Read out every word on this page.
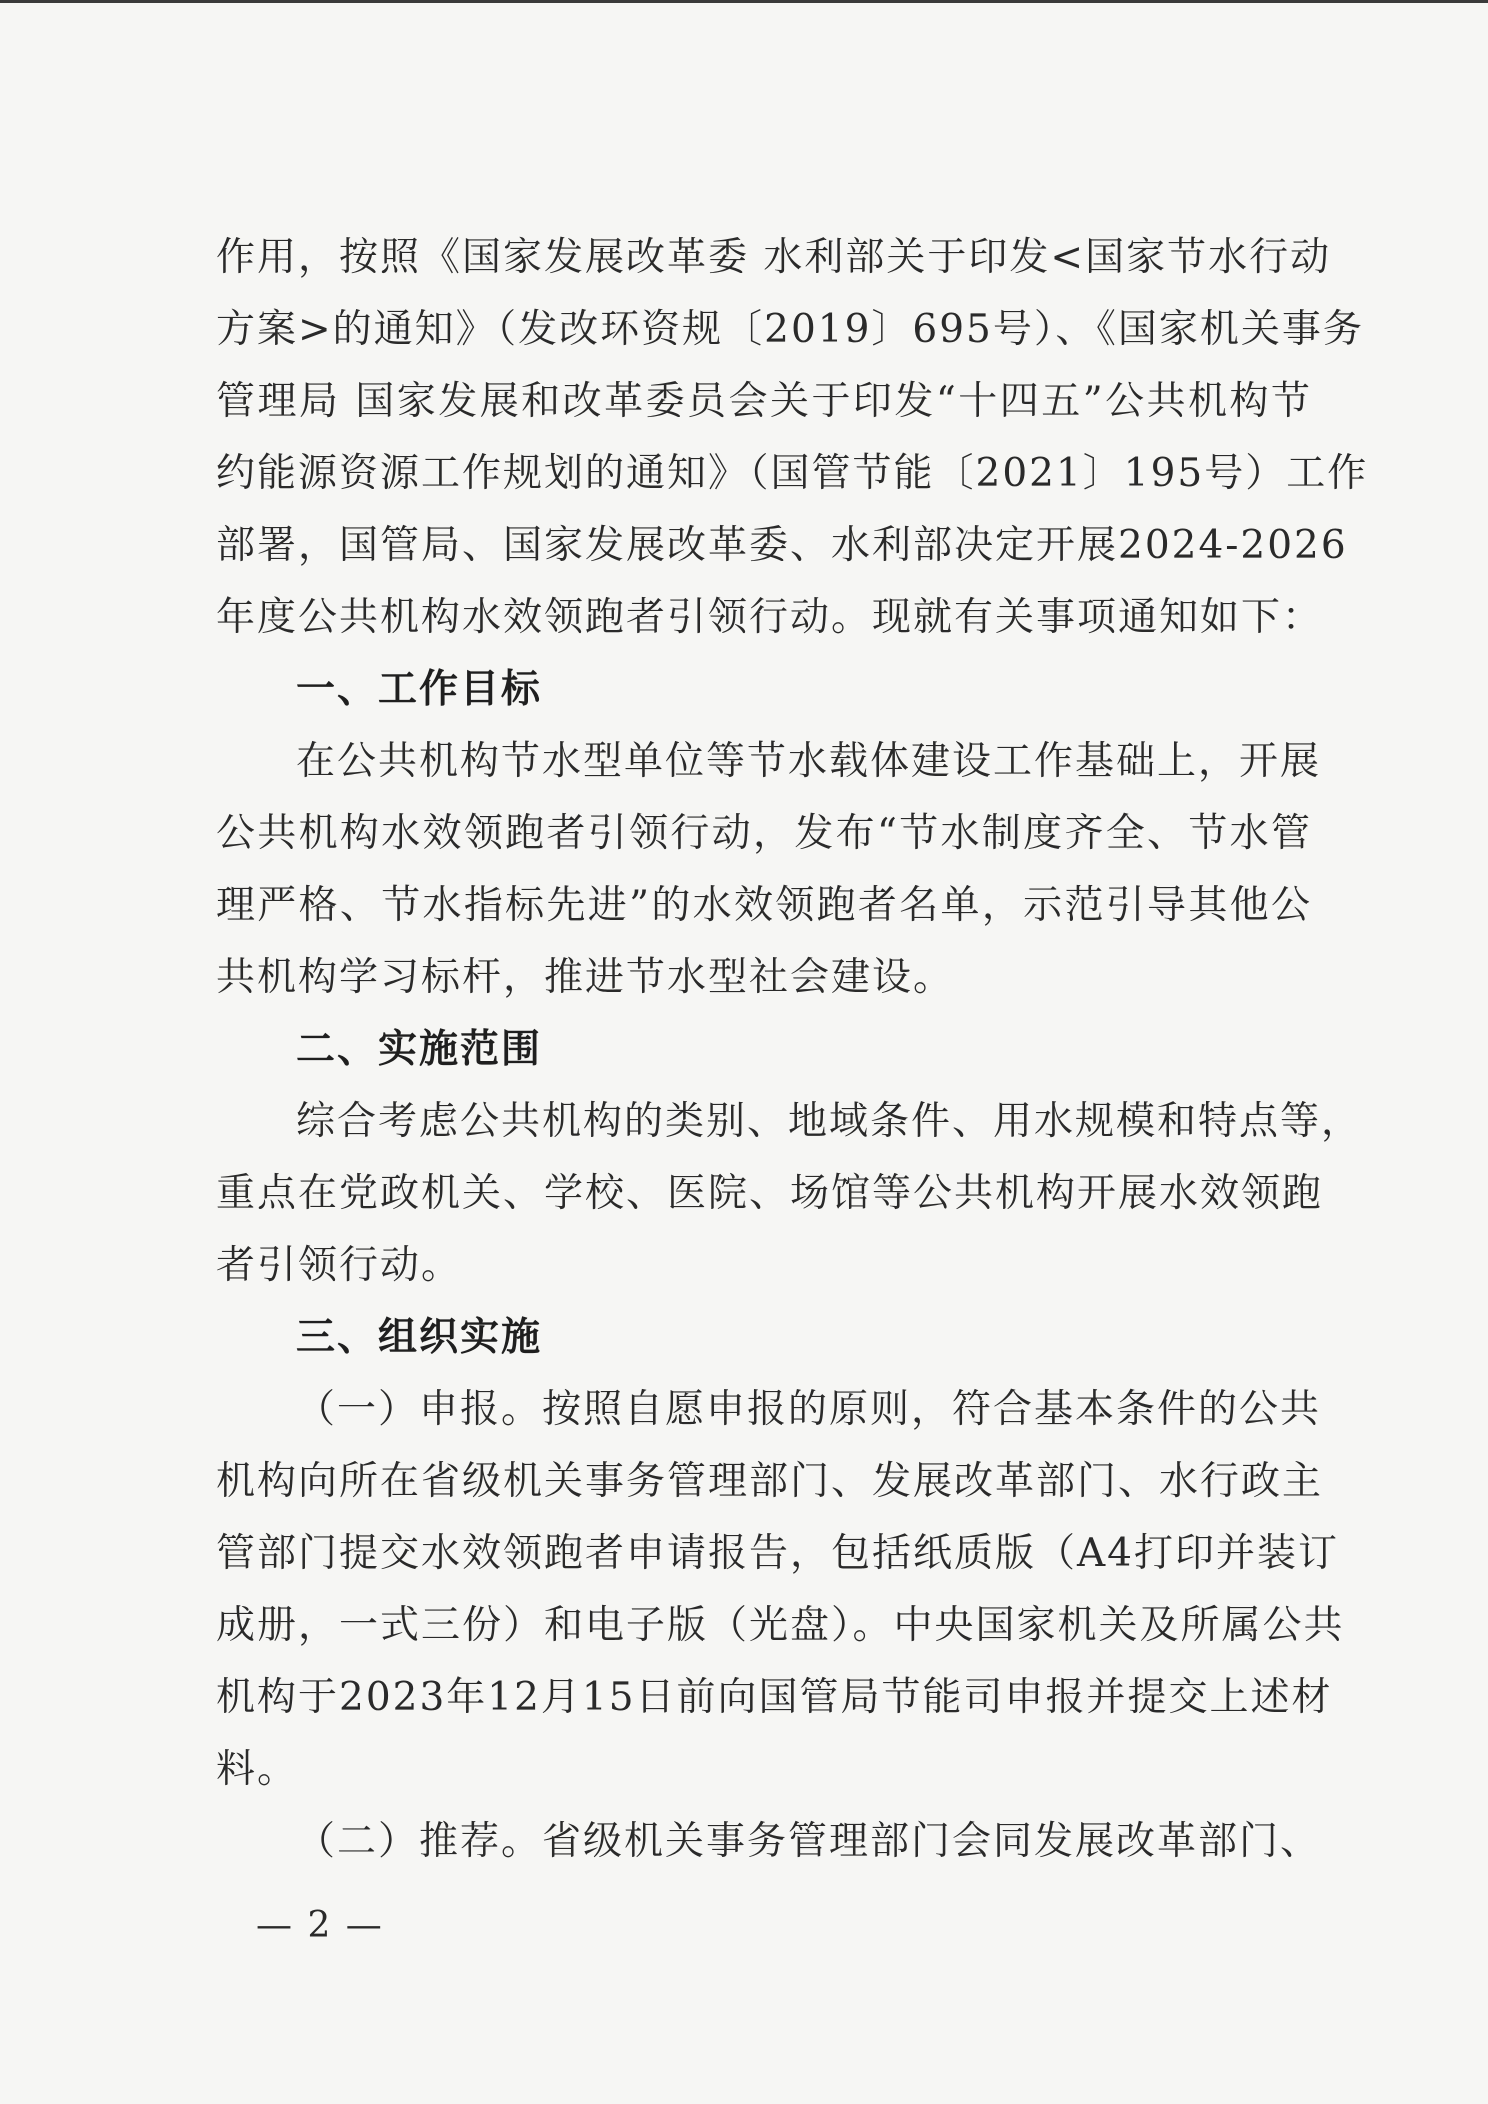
作用，按照《国家发展改革委 水利部关于印发<国家节水行动
方案>的通知》（发改环资规〔2019〕695号）、《国家机关事务
管理局 国家发展和改革委员会关于印发“十四五”公共机构节
约能源资源工作规划的通知》（国管节能〔2021〕195号）工作
部署，国管局、国家发展改革委、水利部决定开展2024-2026
年度公共机构水效领跑者引领行动。现就有关事项通知如下：
一、工作目标
在公共机构节水型单位等节水载体建设工作基础上，开展
公共机构水效领跑者引领行动，发布“节水制度齐全、节水管
理严格、节水指标先进”的水效领跑者名单，示范引导其他公
共机构学习标杆，推进节水型社会建设。
二、实施范围
综合考虑公共机构的类别、地域条件、用水规模和特点等，
重点在党政机关、学校、医院、场馆等公共机构开展水效领跑
者引领行动。
三、组织实施
（一）申报。按照自愿申报的原则，符合基本条件的公共
机构向所在省级机关事务管理部门、发展改革部门、水行政主
管部门提交水效领跑者申请报告，包括纸质版（A4打印并装订
成册，一式三份）和电子版（光盘）。中央国家机关及所属公共
机构于2023年12月15日前向国管局节能司申报并提交上述材
料。
（二）推荐。省级机关事务管理部门会同发展改革部门、
— 2 —
